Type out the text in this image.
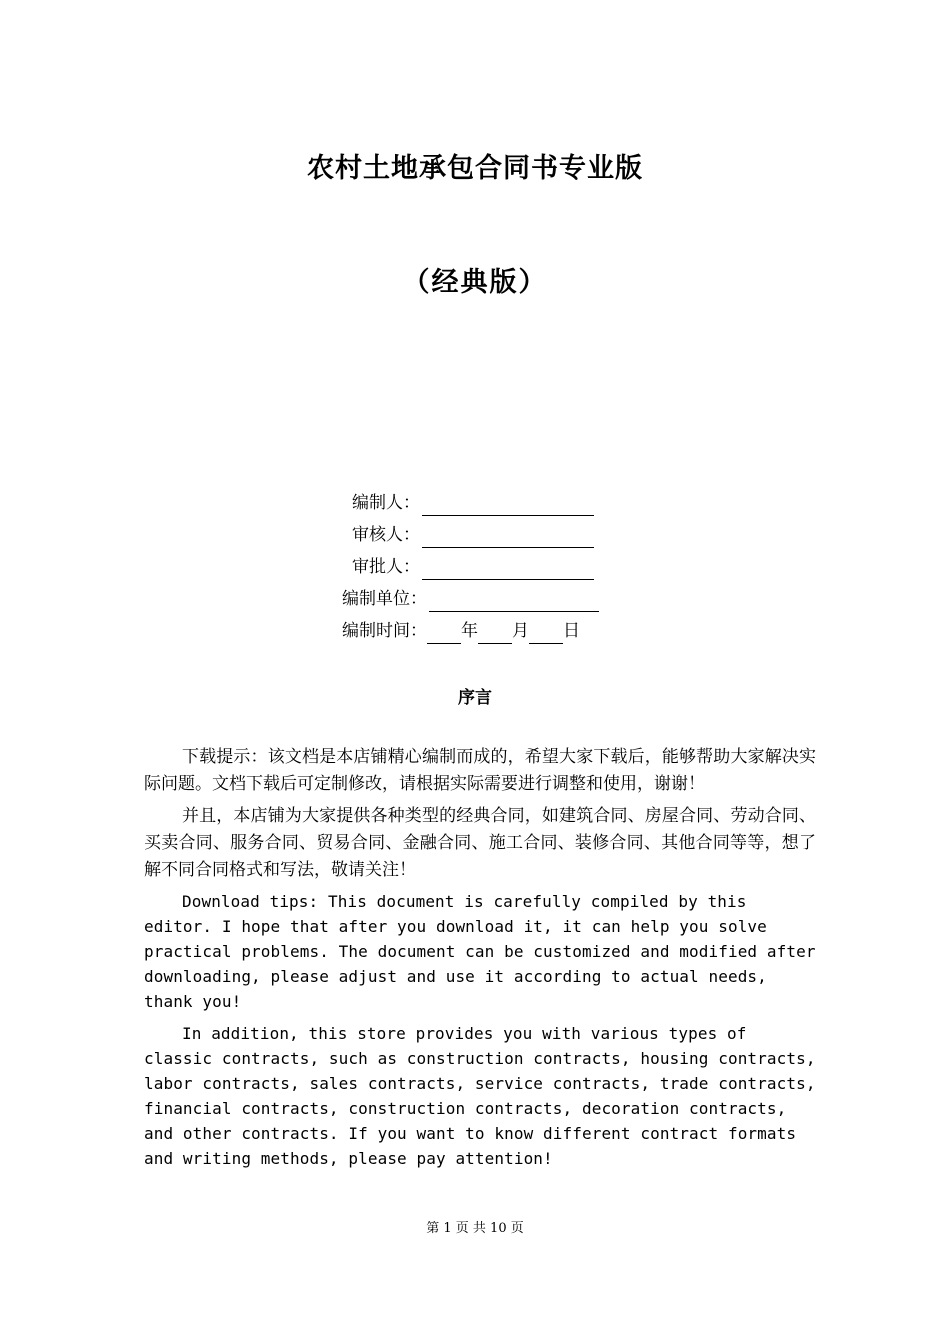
农村土地承包合同书专业版
（经典版）
编制人：
审核人：
审批人：
编制单位：
编制时间： 年 月 日
序言

下载提示：该文档是本店铺精心编制而成的，希望大家下载后，能够帮助大家解决实际问题。文档下载后可定制修改，请根据实际需要进行调整和使用，谢谢！

并且，本店铺为大家提供各种类型的经典合同，如建筑合同、房屋合同、劳动合同、买卖合同、服务合同、贸易合同、金融合同、施工合同、装修合同、其他合同等等，想了解不同合同格式和写法，敬请关注！

Download tips: This document is carefully compiled by this editor. I hope that after you download it, it can help you solve practical problems. The document can be customized and modified after downloading, please adjust and use it according to actual needs, thank you!

In addition, this store provides you with various types of classic contracts, such as construction contracts, housing contracts, labor contracts, sales contracts, service contracts, trade contracts, financial contracts, construction contracts, decoration contracts, and other contracts. If you want to know different contract formats and writing methods, please pay attention!

第 1 页 共 10 页
